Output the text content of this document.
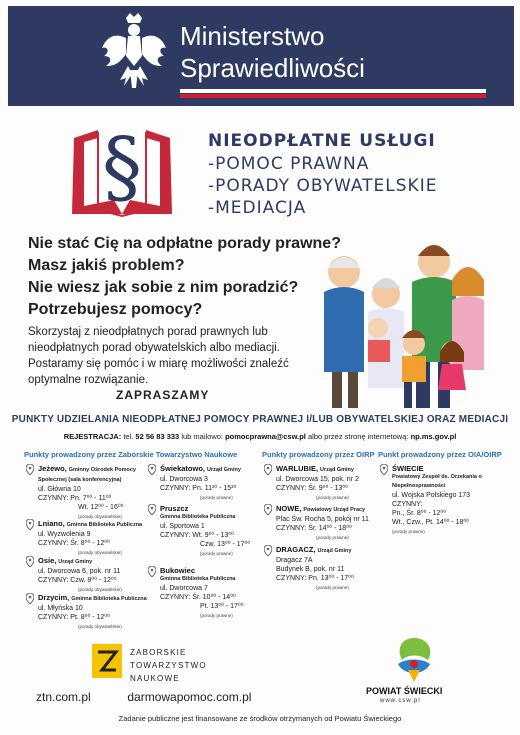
Ministerstwo
Sprawiedliwości
§	NIEODPŁATNE USŁUGI
-POMOC PRAWNA
-PORADY OBYWATELSKIE
-MEDIACJA
Nie stać Cię na odpłatne porady prawne?
Masz jakiś problem?
Nie wiesz jak sobie z nim poradzić?
Potrzebujesz pomocy?
Skorzystaj z nieodpłatnych porad prawnych lub nieodpłatnych porad obywatelskich albo mediacji. Postaramy się pomóc i w miarę możliwości znaleźć optymalne rozwiązanie.
ZAPRASZAMY
PUNKTY UDZIELANIA NIEODPŁATNEJ POMOCY PRAWNEJ I/LUB OBYWATELSKIEJ ORAZ MEDIACJI
REJESTRACJA: tel. 52 56 83 333 lub mailowo: pomocprawna@csw.pl albo przez stronę internetową: np.ms.gov.pl
Punkty prowadzony przez Zaborskie Towarzystwo Naukowe	Punkty prowadzony przez OIRP Punkt prowadzony przez OIA/OIRP
Jeżewo, Gminny Ośrodek Pomocy Społecznej (sala konferencyjna)
ul. Główna 10
CZYNNY: Pn. 7⁰⁰ - 11⁰⁰
Wt. 12⁰⁰ - 16⁰⁰
(porady obywatelskie)
Lniano, Gminna Biblioteka Publiczna
ul. Wyzwolenia 9
CZYNNY: Śr. 8⁰⁰ - 12⁰⁰
(porady obywatelskie)
Osie, Urząd Gminy
ul. Dworcowa 6, pok. nr 11
CZYNNY: Czw. 8⁰⁰ - 12⁰⁰
(porady obywatelskie)
Drzycim, Gminna Biblioteka Publiczna
ul. Młyńska 10
CZYNNY: Pt. 8⁰⁰ - 12⁰⁰
(porady obywatelskie)
Świekatowo, Urząd Gminy
ul. Dworcowa 3
CZYNNY: Pn. 11³⁰ - 15³⁰
(porady prawne)
Pruszcz
Gminna Biblioteka Publiczna
ul. Sportowa 1
CZYNNY: Wt. 9⁰⁰ - 13⁰⁰
Czw. 13⁰⁰ - 17⁰⁰
(porady prawne)
Bukowiec
Gminna Biblioteka Publiczna
ul. Dworcowa 7
CZYNNY: Śr. 10⁰⁰ - 14⁰⁰
Pt. 13⁰⁰ - 17⁰⁰
(porady prawne)
WARLUBIE, Urząd Gminy
ul. Dworcowa 15, pok. nr 2
CZYNNY: Śr. 9⁰⁰ - 13⁰⁰
(porady prawne)
NOWE, Powiatowy Urząd Pracy
Plac Św. Rocha 5, pokój nr 11
CZYNNY: Śr. 14⁰⁰ - 18⁰⁰
(porady prawne)
DRAGACZ, Urząd Gminy
Dragacz 7A
Budynek B, pok. nr 11
CZYNNY: Pn. 13⁰⁰ - 17⁰⁰
(porady prawne)
ŚWIECIE
Powiatowy Zespół ds. Orzekania o Niepełnosprawności
ul. Wojska Polskiego 173
CZYNNY:
Pn., Śr. 8⁰⁰ - 12⁰⁰
Wt., Czw., Pt. 14⁰⁰ - 18⁰⁰
(porady prawne)
ZABORSKIE
TOWARZYSTWO
NAUKOWE
ztn.com.pl	darmowapomoc.com.pl	POWIAT ŚWIECKI
www.csw.pl
Zadanie publiczne jest finansowane ze środków otrzymanych od Powiatu Świeckiego
